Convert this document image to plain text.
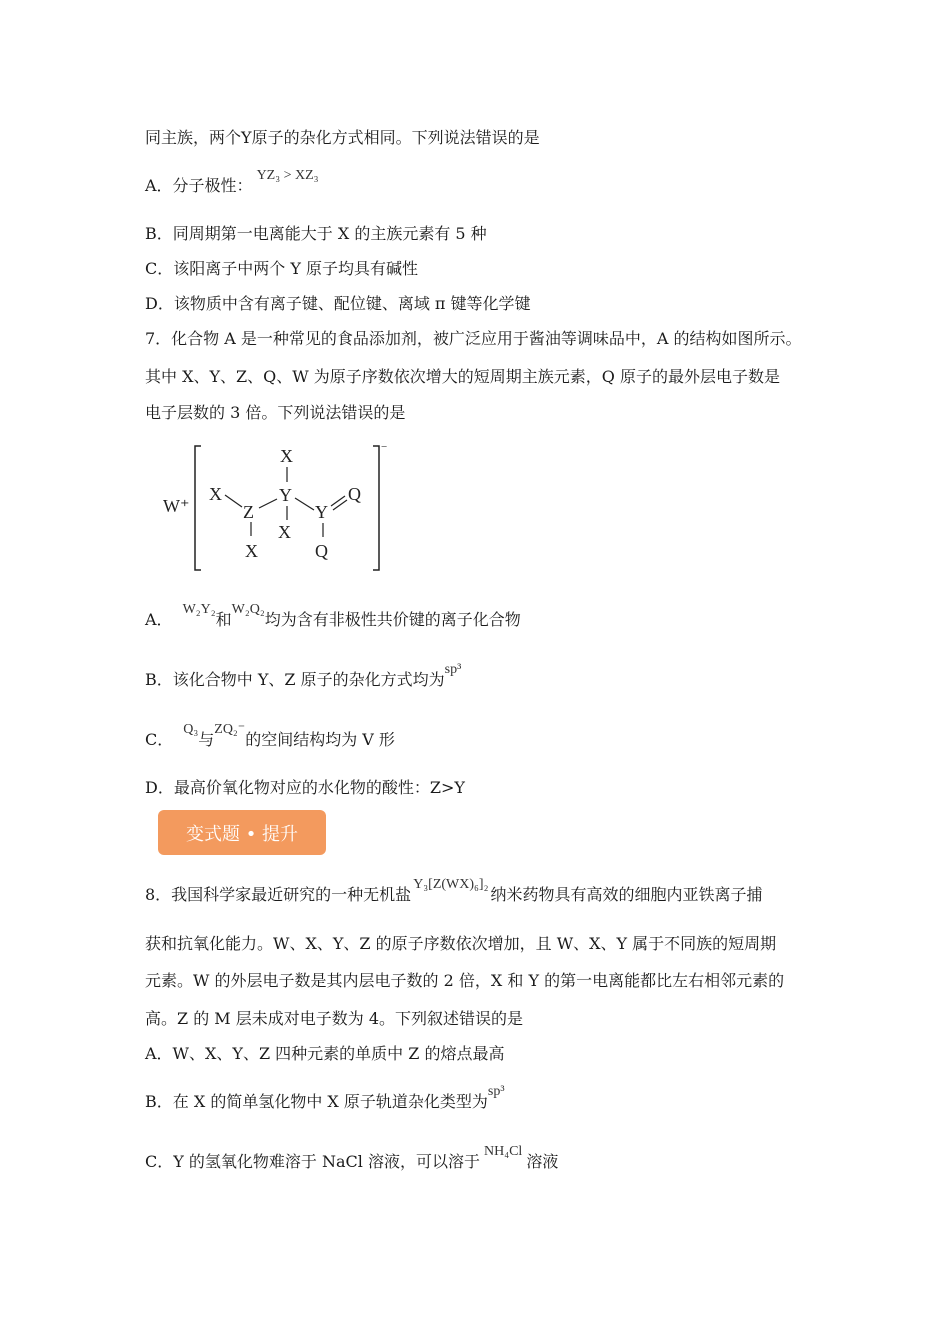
同主族，两个Y原子的杂化方式相同。下列说法错误的是
A．分子极性：YZ₃ > XZ₃
B．同周期第一电离能大于 X 的主族元素有 5 种
C．该阳离子中两个 Y 原子均具有碱性
D．该物质中含有离子键、配位键、离域 π 键等化学键
7．化合物 A 是一种常见的食品添加剂，被广泛应用于酱油等调味品中，A 的结构如图所示。
其中 X、Y、Z、Q、W 为原子序数依次增大的短周期主族元素，Q 原子的最外层电子数是
电子层数的 3 倍。下列说法错误的是
W⁺
−
X
X
Z
Y
X
Y
Q
X	Q
A．W₂Y₂和W₂Q₂均为含有非极性共价键的离子化合物
B．该化合物中 Y、Z 原子的杂化方式均为sp³
C．Q₃与ZQ₂⁻的空间结构均为 V 形
D．最高价氧化物对应的水化物的酸性：Z>Y
变式题 • 提升
8．我国科学家最近研究的一种无机盐Y₃[Z(WX)₆]₂纳米药物具有高效的细胞内亚铁离子捕
获和抗氧化能力。W、X、Y、Z 的原子序数依次增加，且 W、X、Y 属于不同族的短周期
元素。W 的外层电子数是其内层电子数的 2 倍，X 和 Y 的第一电离能都比左右相邻元素的
高。Z 的 M 层未成对电子数为 4。下列叙述错误的是
A．W、X、Y、Z 四种元素的单质中 Z 的熔点最高
B．在 X 的简单氢化物中 X 原子轨道杂化类型为sp³
C．Y 的氢氧化物难溶于 NaCl 溶液，可以溶于NH₄Cl溶液
